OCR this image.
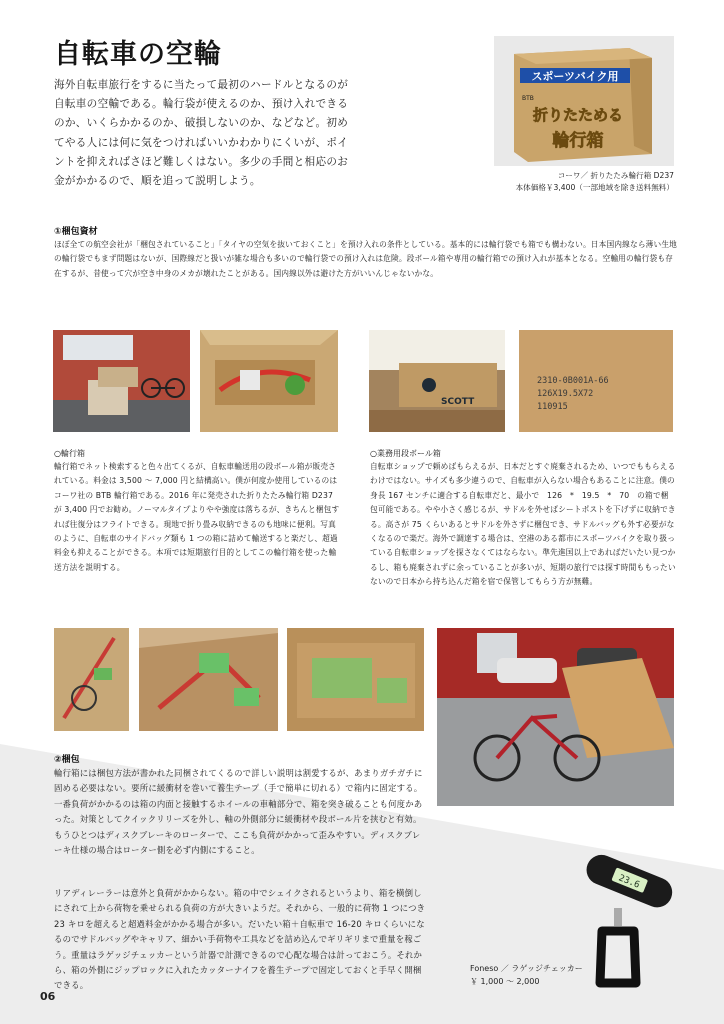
自転車の空輪

海外自転車旅行をするに当たって最初のハードルとなるのが自転車の空輸である。輪行袋が使えるのか、預け入れできるのか、いくらかかるのか、破損しないのか、などなど。初めてやる人には何に気をつければいいかわかりにくいが、ポイントを抑えればさほど難しくはない。多少の手間と相応のお金がかかるので、順を追って説明しよう。

スポーツバイク用
BTB
折りたためる
輪行箱
コーワ／ 折りたたみ輪行箱 D237
本体価格￥3,400（一部地域を除き送料無料）
①梱包資材

ほぼ全ての航空会社が「梱包されていること」「タイヤの空気を抜いておくこと」を預け入れの条件としている。基本的には輪行袋でも箱でも構わない。日本国内線なら薄い生地の輪行袋でもまず問題はないが、国際線だと扱いが雑な場合も多いので輪行袋での預け入れは危険。段ボール箱や専用の輪行箱での預け入れが基本となる。空輸用の輪行袋も存在するが、昔使って穴が空き中身のメカが壊れたことがある。国内線以外は避けた方がいいんじゃないかな。

SCOTT
2310-0B001A-66
126X19.5X72
110915
○輪行箱

輪行箱でネット検索すると色々出てくるが、自転車輸送用の段ボール箱が販売されている。料金は 3,500 ～ 7,000 円と結構高い。僕が何度か使用しているのはコーワ社の BTB 輪行箱である。2016 年に発売された折りたたみ輪行箱 D237が 3,400 円でお勧め。ノーマルタイプよりやや強度は落ちるが、きちんと梱包すれば往復分はフライトできる。現地で折り畳み収納できるのも地味に便利。写真のように、自転車のサイドバッグ類も 1 つの箱に詰めて輸送すると楽だし、超過料金も抑えることができる。本項では短期旅行目的としてこの輪行箱を使った輸送方法を説明する。

○業務用段ボール箱

自転車ショップで頼めばもらえるが、日本だとすぐ廃棄されるため、いつでももらえるわけではない。サイズも多少違うので、自転車が入らない場合もあることに注意。僕の身長 167 センチに適合する自転車だと、最小で　126　*　19.5　*　70　の箱で梱包可能である。やや小さく感じるが、サドルを外せばシートポストを下げずに収納できる。高さが 75 くらいあるとサドルを外さずに梱包でき、サドルバッグも外す必要がなくなるので楽だ。海外で調達する場合は、空港のある都市にスポーツバイクを取り扱っている自転車ショップを探さなくてはならない。準先進国以上であればだいたい見つかるし、箱も廃棄されずに余っていることが多いが、短期の旅行では探す時間ももったいないので日本から持ち込んだ箱を宿で保管してもらう方が無難。

②梱包

輪行箱には梱包方法が書かれた同梱されてくるので詳しい説明は割愛するが、あまりガチガチに固める必要はない。要所に緩衝材を巻いて養生テープ（手で簡単に切れる）で箱内に固定する。一番負荷がかかるのは箱の内面と接触するホイールの車軸部分で、箱を突き破ることも何度かあった。対策としてクイックリリーズを外し、軸の外側部分に緩衝材や段ボール片を挟むと有効。もうひとつはディスクブレーキのローターで、ここも負荷がかかって歪みやすい。ディスクブレーキ仕様の場合はローター側を必ず内側にすること。

リアディレーラーは意外と負荷がかからない。箱の中でシェイクされるというより、箱を横倒しにされて上から荷物を乗せられる負荷の方が大きいようだ。それから、一般的に荷物 1 つにつき 23 キロを超えると超過料金がかかる場合が多い。だいたい箱＋自転車で 16-20 キロくらいになるのでサドルバッグやキャリア、細かい手荷物や工具などを詰め込んでギリギリまで重量を稼ごう。重量はラゲッジチェッカーという計器で計測できるので心配な場合は計っておこう。それから、箱の外側にジップロックに入れたカッターナイフを養生テープで固定しておくと手早く開梱できる。

23.6
Foneso ／ ラゲッジチェッカー
￥ 1,000 ～ 2,000
06
